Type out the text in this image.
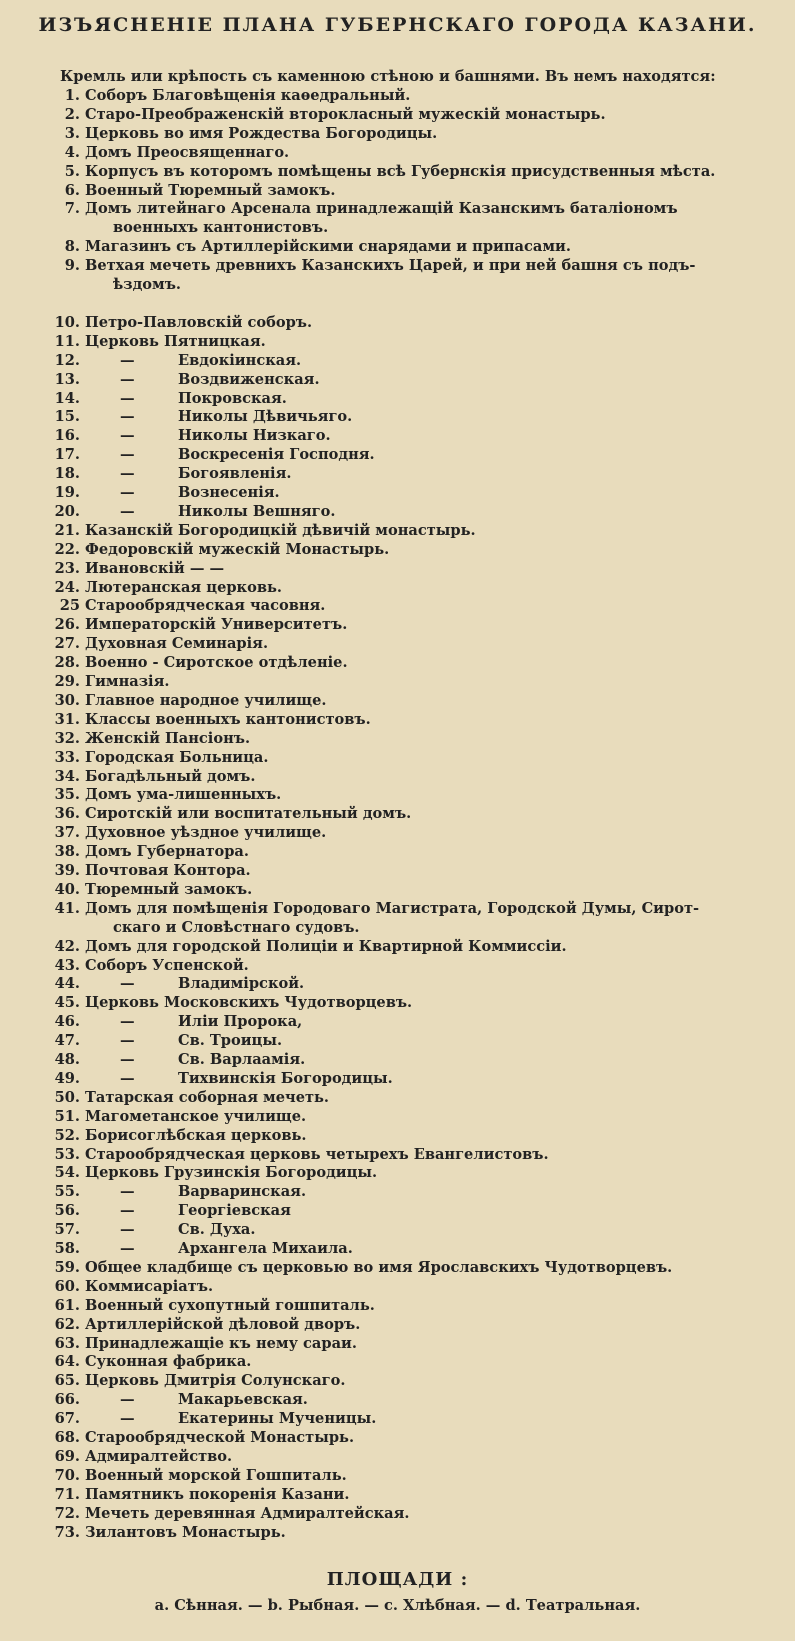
ИЗЪЯСНЕНІЕ ПЛАНА ГУБЕРНСКАГО ГОРОДА КАЗАНИ.
Кремль или крѣпость съ каменною стѣною и башнями. Въ немъ находятся:
1. Соборъ Благовѣщенія каѳедральный.
2. Старо-Преображенскій второкласный мужескій монастырь.
3. Церковь во имя Рождества Богородицы.
4. Домъ Преосвященнаго.
5. Корпусъ въ которомъ помѣщены всѣ Губернскія присудственныя мѣста.
6. Военный Тюремный замокъ.
7. Домъ литейнаго Арсенала принадлежащій Казанскимъ баталіономъ
военныхъ кантонистовъ.
8. Магазинъ съ Артиллерійскими снарядами и припасами.
9. Ветхая мечеть древнихъ Казанскихъ Царей, и при ней башня съ подъ-
ѣздомъ.
10. Петро-Павловскій соборъ.
11. Церковь Пятницкая.
12.	—	Евдокіинская.
13.	—	Воздвиженская.
14.	—	Покровская.
15.	—	Николы Дѣвичьяго.
16.	—	Николы Низкаго.
17.	—	Воскресенія Господня.
18.	—	Богоявленія.
19.	—	Вознесенія.
20.	—	Николы Вешняго.
21. Казанскій Богородицкій дѣвичій монастырь.
22. Федоровскій мужескій Монастырь.
23. Ивановскій — —
24. Лютеранская церковь.
25 Старообрядческая часовня.
26. Императорскій Университетъ.
27. Духовная Семинарія.
28. Военно - Сиротское отдѣленіе.
29. Гимназія.
30. Главное народное училище.
31. Классы военныхъ кантонистовъ.
32. Женскій Пансіонъ.
33. Городская Больница.
34. Богадѣльный домъ.
35. Домъ ума-лишенныхъ.
36. Сиротскій или воспитательный домъ.
37. Духовное уѣздное училище.
38. Домъ Губернатора.
39. Почтовая Контора.
40. Тюремный замокъ.
41. Домъ для помѣщенія Городоваго Магистрата, Городской Думы, Сирот-
скаго и Словѣстнаго судовъ.
42. Домъ для городской Полиціи и Квартирной Коммиссіи.
43. Соборъ Успенской.
44.	—	Владимірской.
45. Церковь Московскихъ Чудотворцевъ.
46.	—	Иліи Пророка,
47.	—	Св. Троицы.
48.	—	Св. Варлаамія.
49.	—	Тихвинскія Богородицы.
50. Татарская соборная мечеть.
51. Магометанское училище.
52. Борисоглѣбская церковь.
53. Старообрядческая церковь четырехъ Евангелистовъ.
54. Церковь Грузинскія Богородицы.
55.	—	Варваринская.
56.	—	Георгіевская
57.	—	Св. Духа.
58.	—	Архангела Михаила.
59. Общее кладбище съ церковью во имя Ярославскихъ Чудотворцевъ.
60. Коммисаріатъ.
61. Военный сухопутный гошпиталь.
62. Артиллерійской дѣловой дворъ.
63. Принадлежащіе къ нему сараи.
64. Суконная фабрика.
65. Церковь Дмитрія Солунскаго.
66.	—	Макарьевская.
67.	—	Екатерины Мученицы.
68. Старообрядческой Монастырь.
69. Адмиралтейство.
70. Военный морской Гошпиталь.
71. Памятникъ покоренія Казани.
72. Мечеть деревянная Адмиралтейская.
73. Зилантовъ Монастырь.
ПЛОЩАДИ :
a. Сѣнная. — b. Рыбная. — c. Хлѣбная. — d. Театральная.
